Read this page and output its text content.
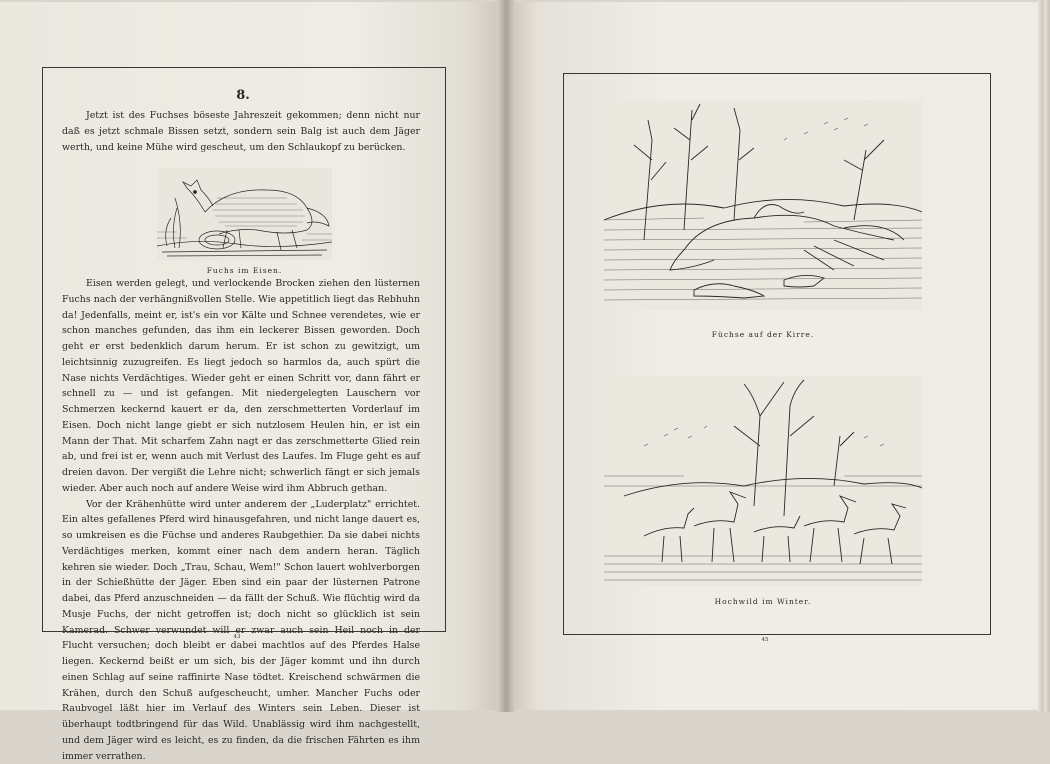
8.

Jetzt ist des Fuchses böseste Jahreszeit gekommen; denn nicht nur daß es jetzt schmale Bissen setzt, sondern sein Balg ist auch dem Jäger werth, und keine Mühe wird gescheut, um den Schlaukopf zu berücken.

Fuchs im Eisen.

Eisen werden gelegt, und verlockende Brocken ziehen den lüsternen Fuchs nach der verhängnißvollen Stelle. Wie appetitlich liegt das Rebhuhn da! Jedenfalls, meint er, ist's ein vor Kälte und Schnee verendetes, wie er schon manches gefunden, das ihm ein leckerer Bissen geworden. Doch geht er erst bedenklich darum herum. Er ist schon zu gewitzigt, um leichtsinnig zuzugreifen. Es liegt jedoch so harmlos da, auch spürt die Nase nichts Verdächtiges. Wieder geht er einen Schritt vor, dann fährt er schnell zu — und ist gefangen. Mit niedergelegten Lauschern vor Schmerzen keckernd kauert er da, den zerschmetterten Vorderlauf im Eisen. Doch nicht lange giebt er sich nutzlosem Heulen hin, er ist ein Mann der That. Mit scharfem Zahn nagt er das zerschmetterte Glied rein ab, und frei ist er, wenn auch mit Verlust des Laufes. Im Fluge geht es auf dreien davon. Der vergißt die Lehre nicht; schwerlich fängt er sich jemals wieder. Aber auch noch auf andere Weise wird ihm Abbruch gethan.

Vor der Krähenhütte wird unter anderem der „Luderplatz" errichtet. Ein altes gefallenes Pferd wird hinausgefahren, und nicht lange dauert es, so umkreisen es die Füchse und anderes Raubgethier. Da sie dabei nichts Verdächtiges merken, kommt einer nach dem andern heran. Täglich kehren sie wieder. Doch „Trau, Schau, Wem!" Schon lauert wohlverborgen in der Schießhütte der Jäger. Eben sind ein paar der lüsternen Patrone dabei, das Pferd anzuschneiden — da fällt der Schuß. Wie flüchtig wird da Musje Fuchs, der nicht getroffen ist; doch nicht so glücklich ist sein Kamerad. Schwer verwundet will er zwar auch sein Heil noch in der Flucht versuchen; doch bleibt er dabei machtlos auf des Pferdes Halse liegen. Keckernd beißt er um sich, bis der Jäger kommt und ihn durch einen Schlag auf seine raffinirte Nase tödtet. Kreischend schwärmen die Krähen, durch den Schuß aufgescheucht, umher. Mancher Fuchs oder Raubvogel läßt hier im Verlauf des Winters sein Leben. Dieser ist überhaupt todtbringend für das Wild. Unablässig wird ihm nachgestellt, und dem Jäger wird es leicht, es zu finden, da die frischen Fährten es ihm immer verrathen.

43
Füchse auf der Kirre.
Hochwild im Winter.
45
